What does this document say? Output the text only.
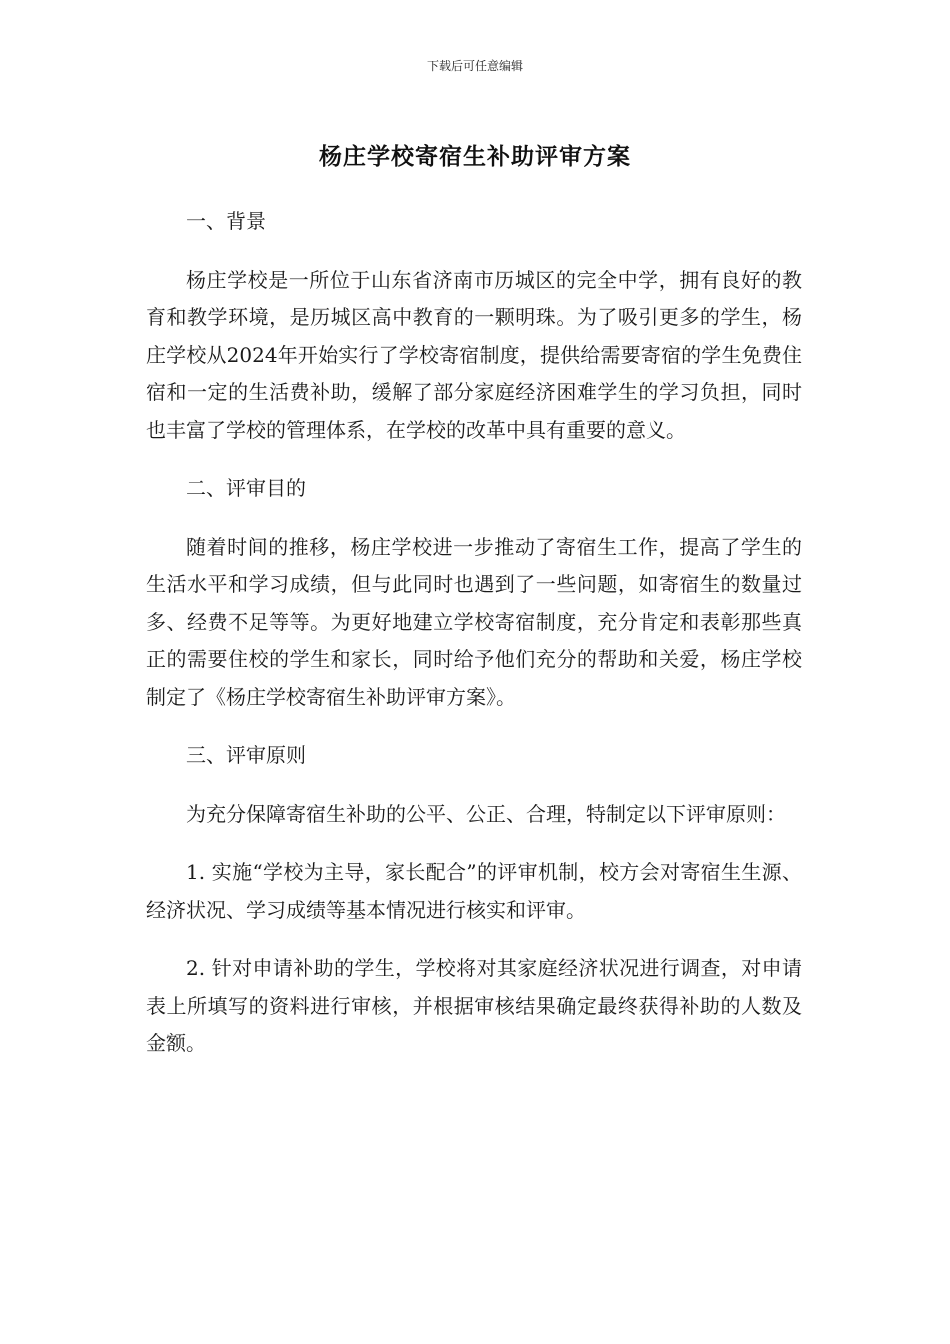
下载后可任意编辑
杨庄学校寄宿生补助评审方案

一、背景

杨庄学校是一所位于山东省济南市历城区的完全中学，拥有良好的教育和教学环境，是历城区高中教育的一颗明珠。为了吸引更多的学生，杨庄学校从2024年开始实行了学校寄宿制度，提供给需要寄宿的学生免费住宿和一定的生活费补助，缓解了部分家庭经济困难学生的学习负担，同时也丰富了学校的管理体系，在学校的改革中具有重要的意义。

二、评审目的

随着时间的推移，杨庄学校进一步推动了寄宿生工作，提高了学生的生活水平和学习成绩，但与此同时也遇到了一些问题，如寄宿生的数量过多、经费不足等等。为更好地建立学校寄宿制度，充分肯定和表彰那些真正的需要住校的学生和家长，同时给予他们充分的帮助和关爱，杨庄学校制定了《杨庄学校寄宿生补助评审方案》。

三、评审原则

为充分保障寄宿生补助的公平、公正、合理，特制定以下评审原则：

1. 实施“学校为主导，家长配合”的评审机制，校方会对寄宿生生源、经济状况、学习成绩等基本情况进行核实和评审。

2. 针对申请补助的学生，学校将对其家庭经济状况进行调查，对申请表上所填写的资料进行审核，并根据审核结果确定最终获得补助的人数及金额。
